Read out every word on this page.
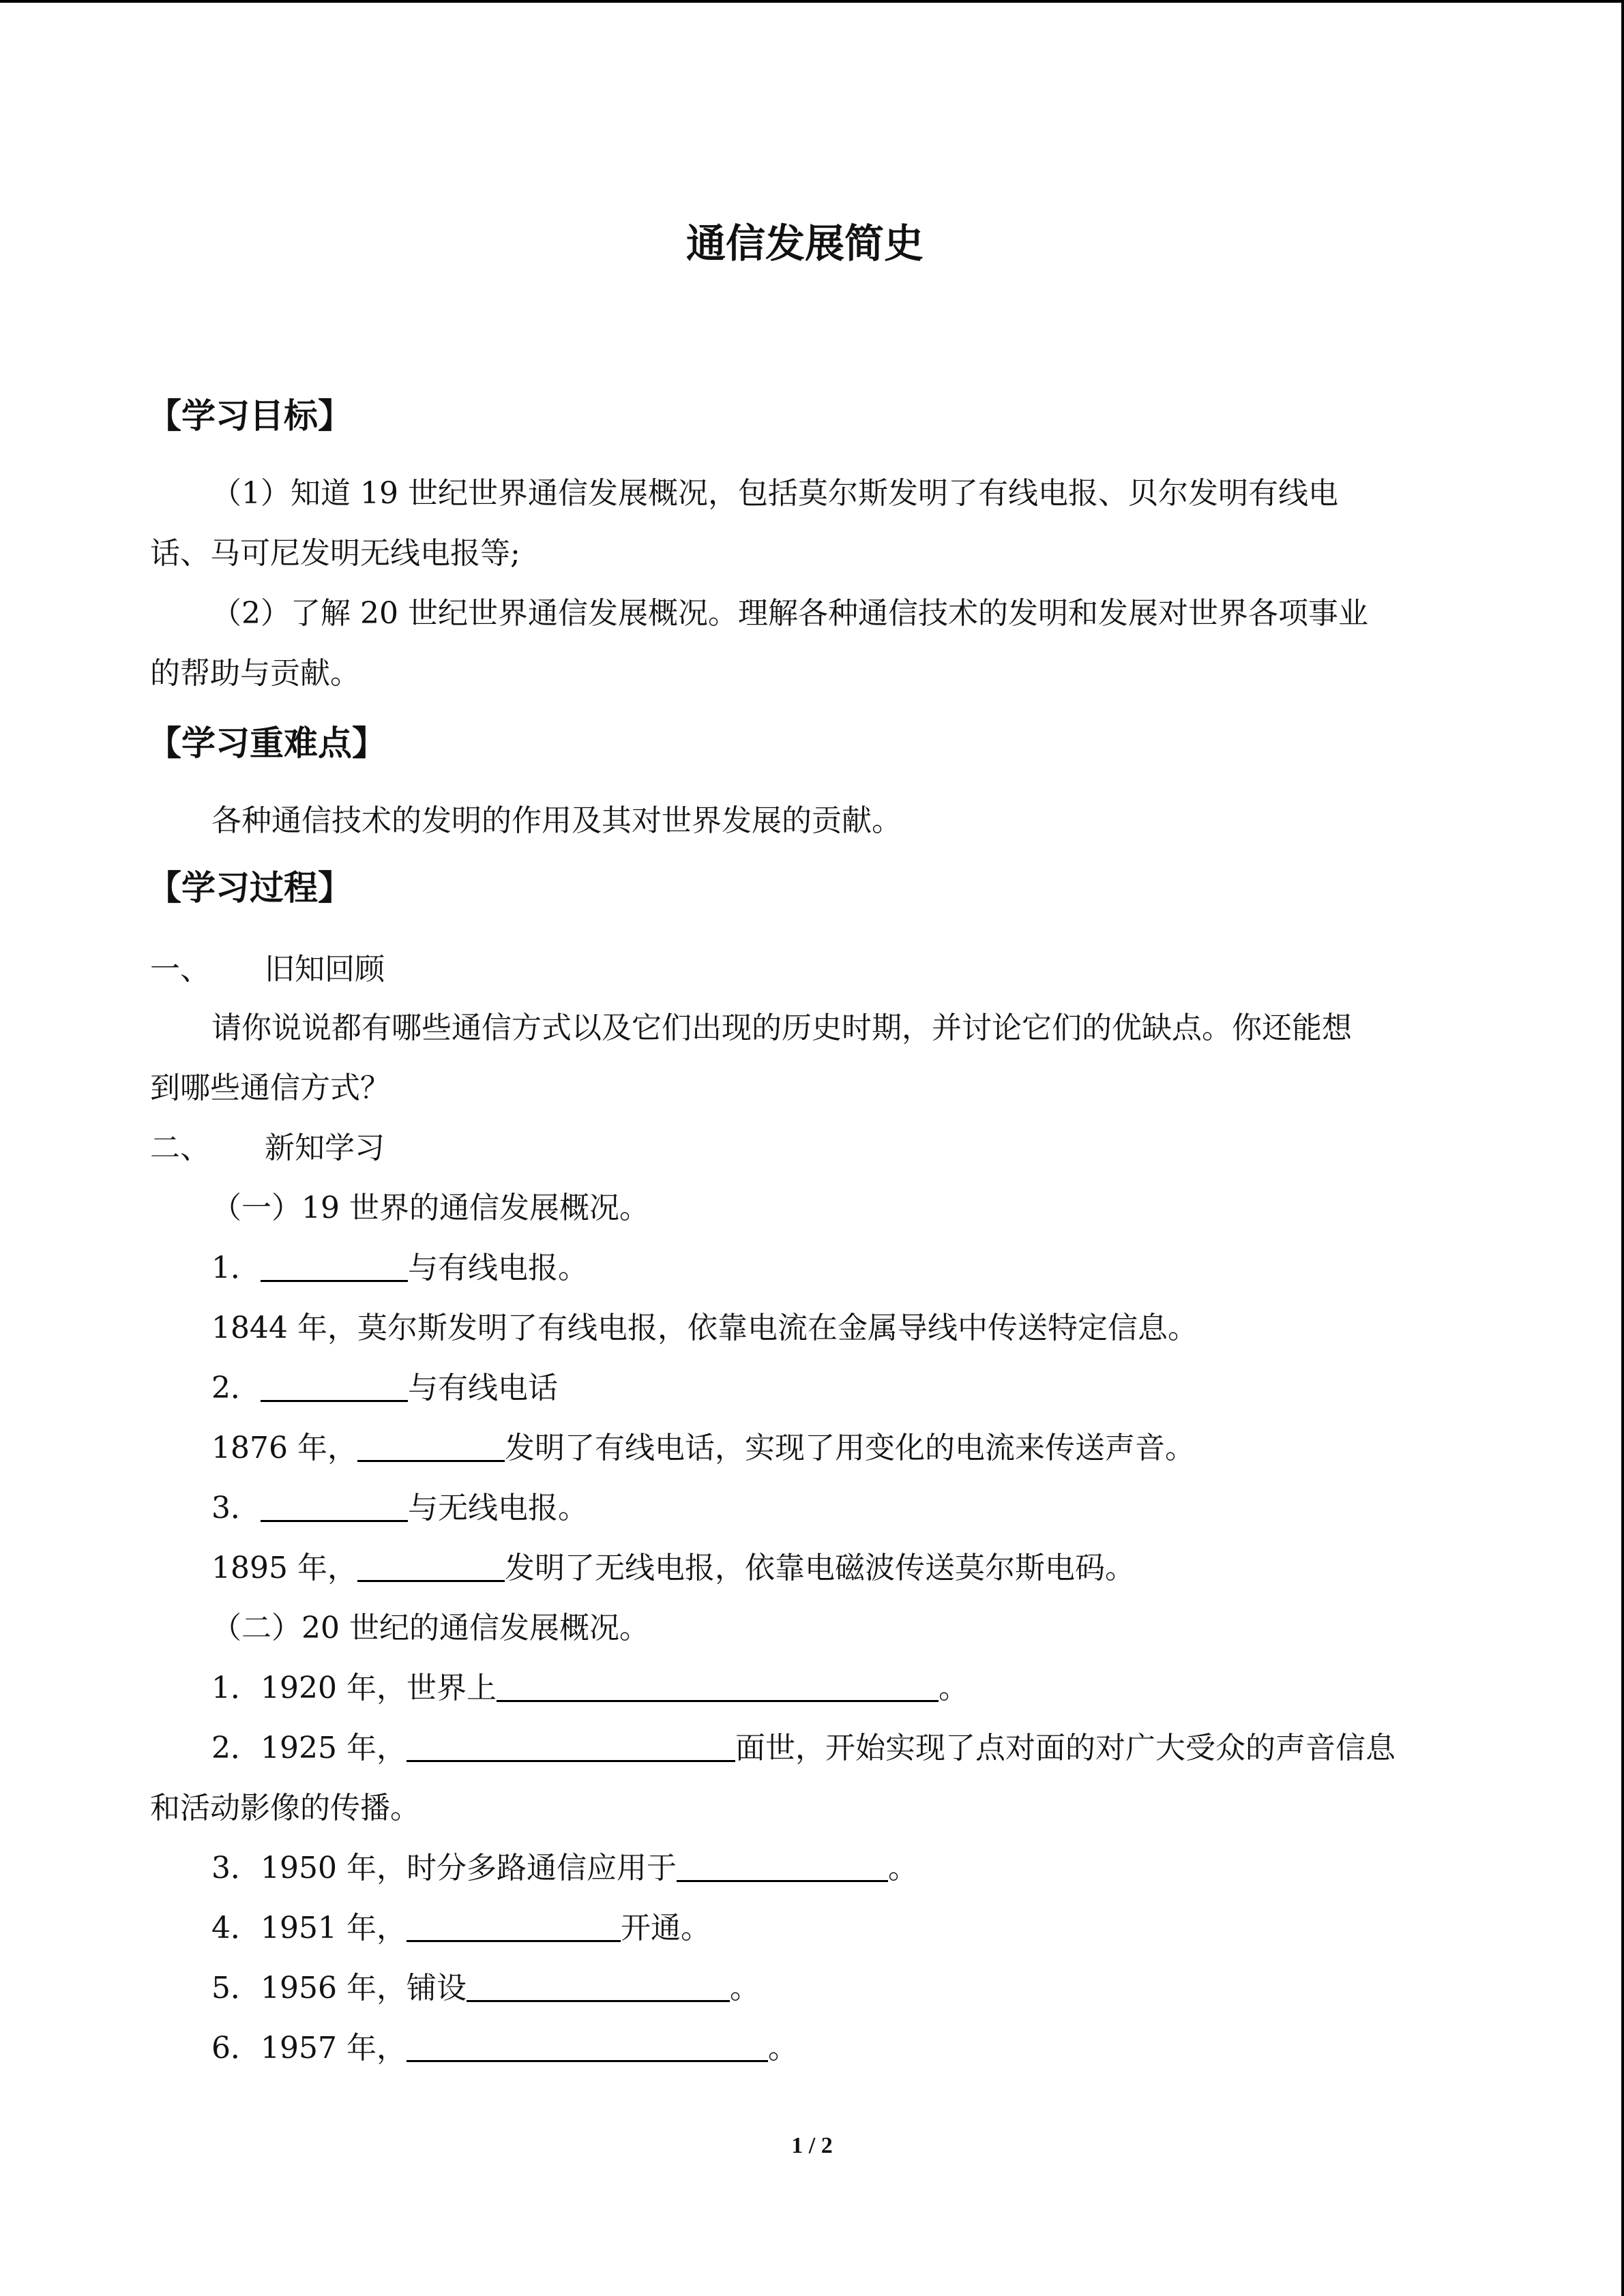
通信发展简史
【学习目标】
（1）知道 19 世纪世界通信发展概况，包括莫尔斯发明了有线电报、贝尔发明有线电
话、马可尼发明无线电报等;
（2）了解 20 世纪世界通信发展概况。理解各种通信技术的发明和发展对世界各项事业
的帮助与贡献。
【学习重难点】
各种通信技术的发明的作用及其对世界发展的贡献。
【学习过程】
一、 旧知回顾
请你说说都有哪些通信方式以及它们出现的历史时期，并讨论它们的优缺点。你还能想
到哪些通信方式？
二、 新知学习
（一）19 世界的通信发展概况。
1．	与有线电报。
1844 年，莫尔斯发明了有线电报，依靠电流在金属导线中传送特定信息。
2．	与有线电话
1876 年，	发明了有线电话，实现了用变化的电流来传送声音。
3．	与无线电报。
1895 年，	发明了无线电报，依靠电磁波传送莫尔斯电码。
（二）20 世纪的通信发展概况。
1．1920 年，世界上	。
2．1925 年，	面世，开始实现了点对面的对广大受众的声音信息
和活动影像的传播。
3．1950 年，时分多路通信应用于	。
4．1951 年，	开通。
5．1956 年，铺设	。
6．1957 年，	。
1 / 2
